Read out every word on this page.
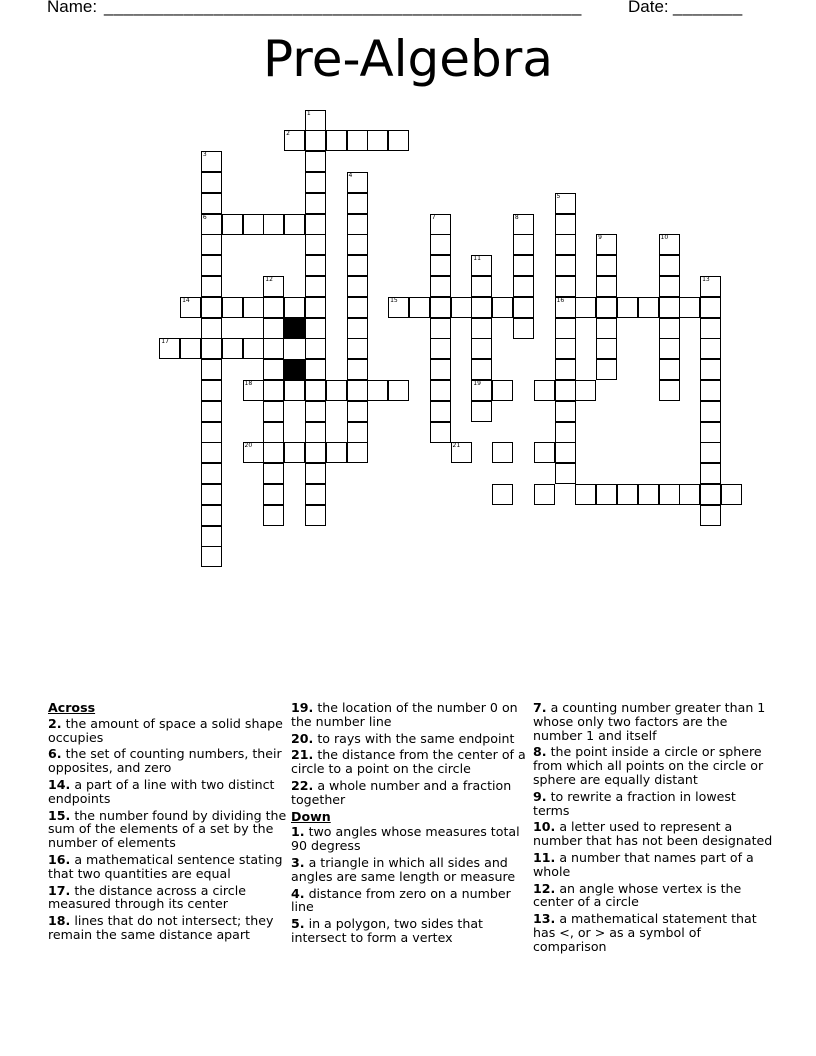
Name: ________________________________________________	Date: _______
Pre-Algebra
1
2
3
6
4
5
16
7	8
9	10
11
19
12	13
14	15
17
18
20	21
Across
2. the amount of space a solid shape occupies
6. the set of counting numbers, their opposites, and zero
14. a part of a line with two distinct endpoints
15. the number found by dividing the sum of the elements of a set by the number of elements
16. a mathematical sentence stating that two quantities are equal
17. the distance across a circle measured through its center
18. lines that do not intersect; they remain the same distance apart
19. the location of the number 0 on the number line
20. to rays with the same endpoint
21. the distance from the center of a circle to a point on the circle
22. a whole number and a fraction together
Down
1. two angles whose measures total 90 degress
3. a triangle in which all sides and angles are same length or measure
4. distance from zero on a number line
5. in a polygon, two sides that intersect to form a vertex
7. a counting number greater than 1 whose only two factors are the number 1 and itself
8. the point inside a circle or sphere from which all points on the circle or sphere are equally distant
9. to rewrite a fraction in lowest terms
10. a letter used to represent a number that has not been designated
11. a number that names part of a whole
12. an angle whose vertex is the center of a circle
13. a mathematical statement that has <, or > as a symbol of comparison
